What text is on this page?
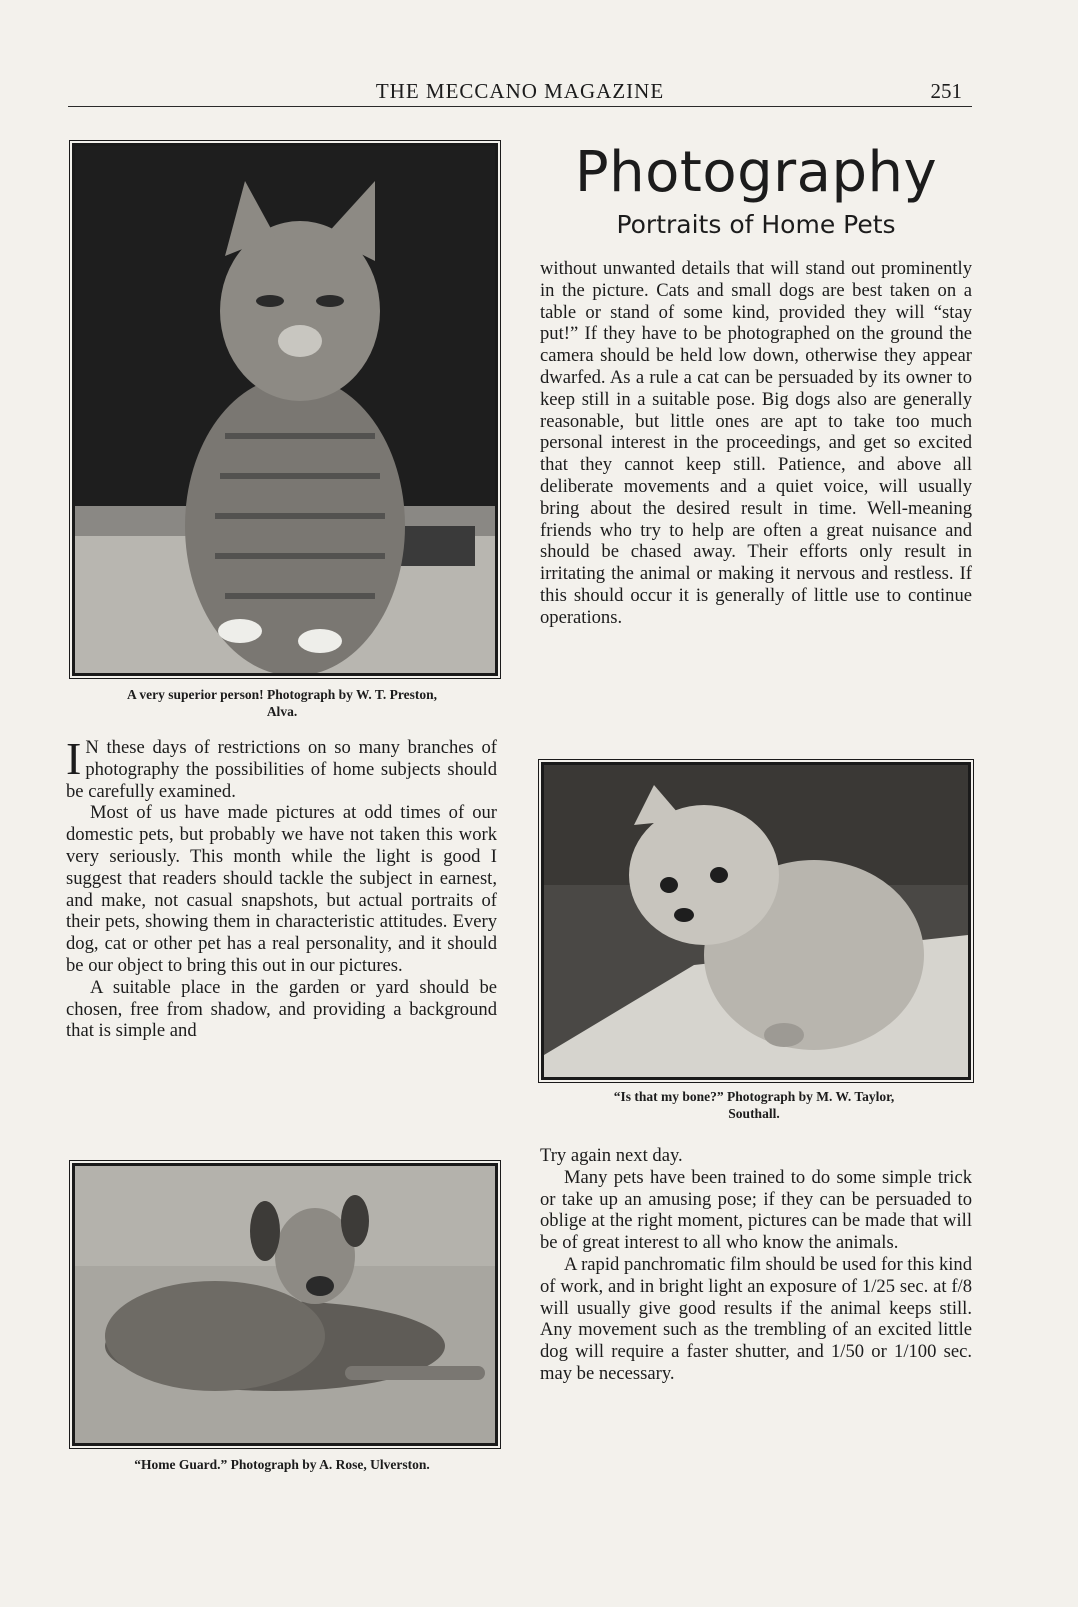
THE MECCANO MAGAZINE	251
A very superior person! Photograph by W. T. Preston,
Alva.

I N these days of restrictions on so many branches of photography the possibilities of home subjects should be carefully examined.

Most of us have made pictures at odd times of our domestic pets, but probably we have not taken this work very seriously. This month while the light is good I suggest that readers should tackle the subject in earnest, and make, not casual snapshots, but actual portraits of their pets, showing them in characteristic attitudes. Every dog, cat or other pet has a real personality, and it should be our object to bring this out in our pictures.

A suitable place in the garden or yard should be chosen, free from shadow, and providing a background that is simple and

“Home Guard.” Photograph by A. Rose, Ulverston.
Photography
Portraits of Home Pets

without unwanted details that will stand out prominently in the picture. Cats and small dogs are best taken on a table or stand of some kind, provided they will “stay put!” If they have to be photographed on the ground the camera should be held low down, otherwise they appear dwarfed. As a rule a cat can be persuaded by its owner to keep still in a suitable pose. Big dogs also are generally reasonable, but little ones are apt to take too much personal interest in the proceedings, and get so excited that they cannot keep still. Patience, and above all deliberate movements and a quiet voice, will usually bring about the desired result in time. Well-meaning friends who try to help are often a great nuisance and should be chased away. Their efforts only result in irritating the animal or making it nervous and restless. If this should occur it is generally of little use to continue operations.

“Is that my bone?” Photograph by M. W. Taylor,
Southall.

Try again next day.

Many pets have been trained to do some simple trick or take up an amusing pose; if they can be persuaded to oblige at the right moment, pictures can be made that will be of great interest to all who know the animals.

A rapid panchromatic film should be used for this kind of work, and in bright light an exposure of 1/25 sec. at f/8 will usually give good results if the animal keeps still. Any movement such as the trembling of an excited little dog will require a faster shutter, and 1/50 or 1/100 sec. may be necessary.
